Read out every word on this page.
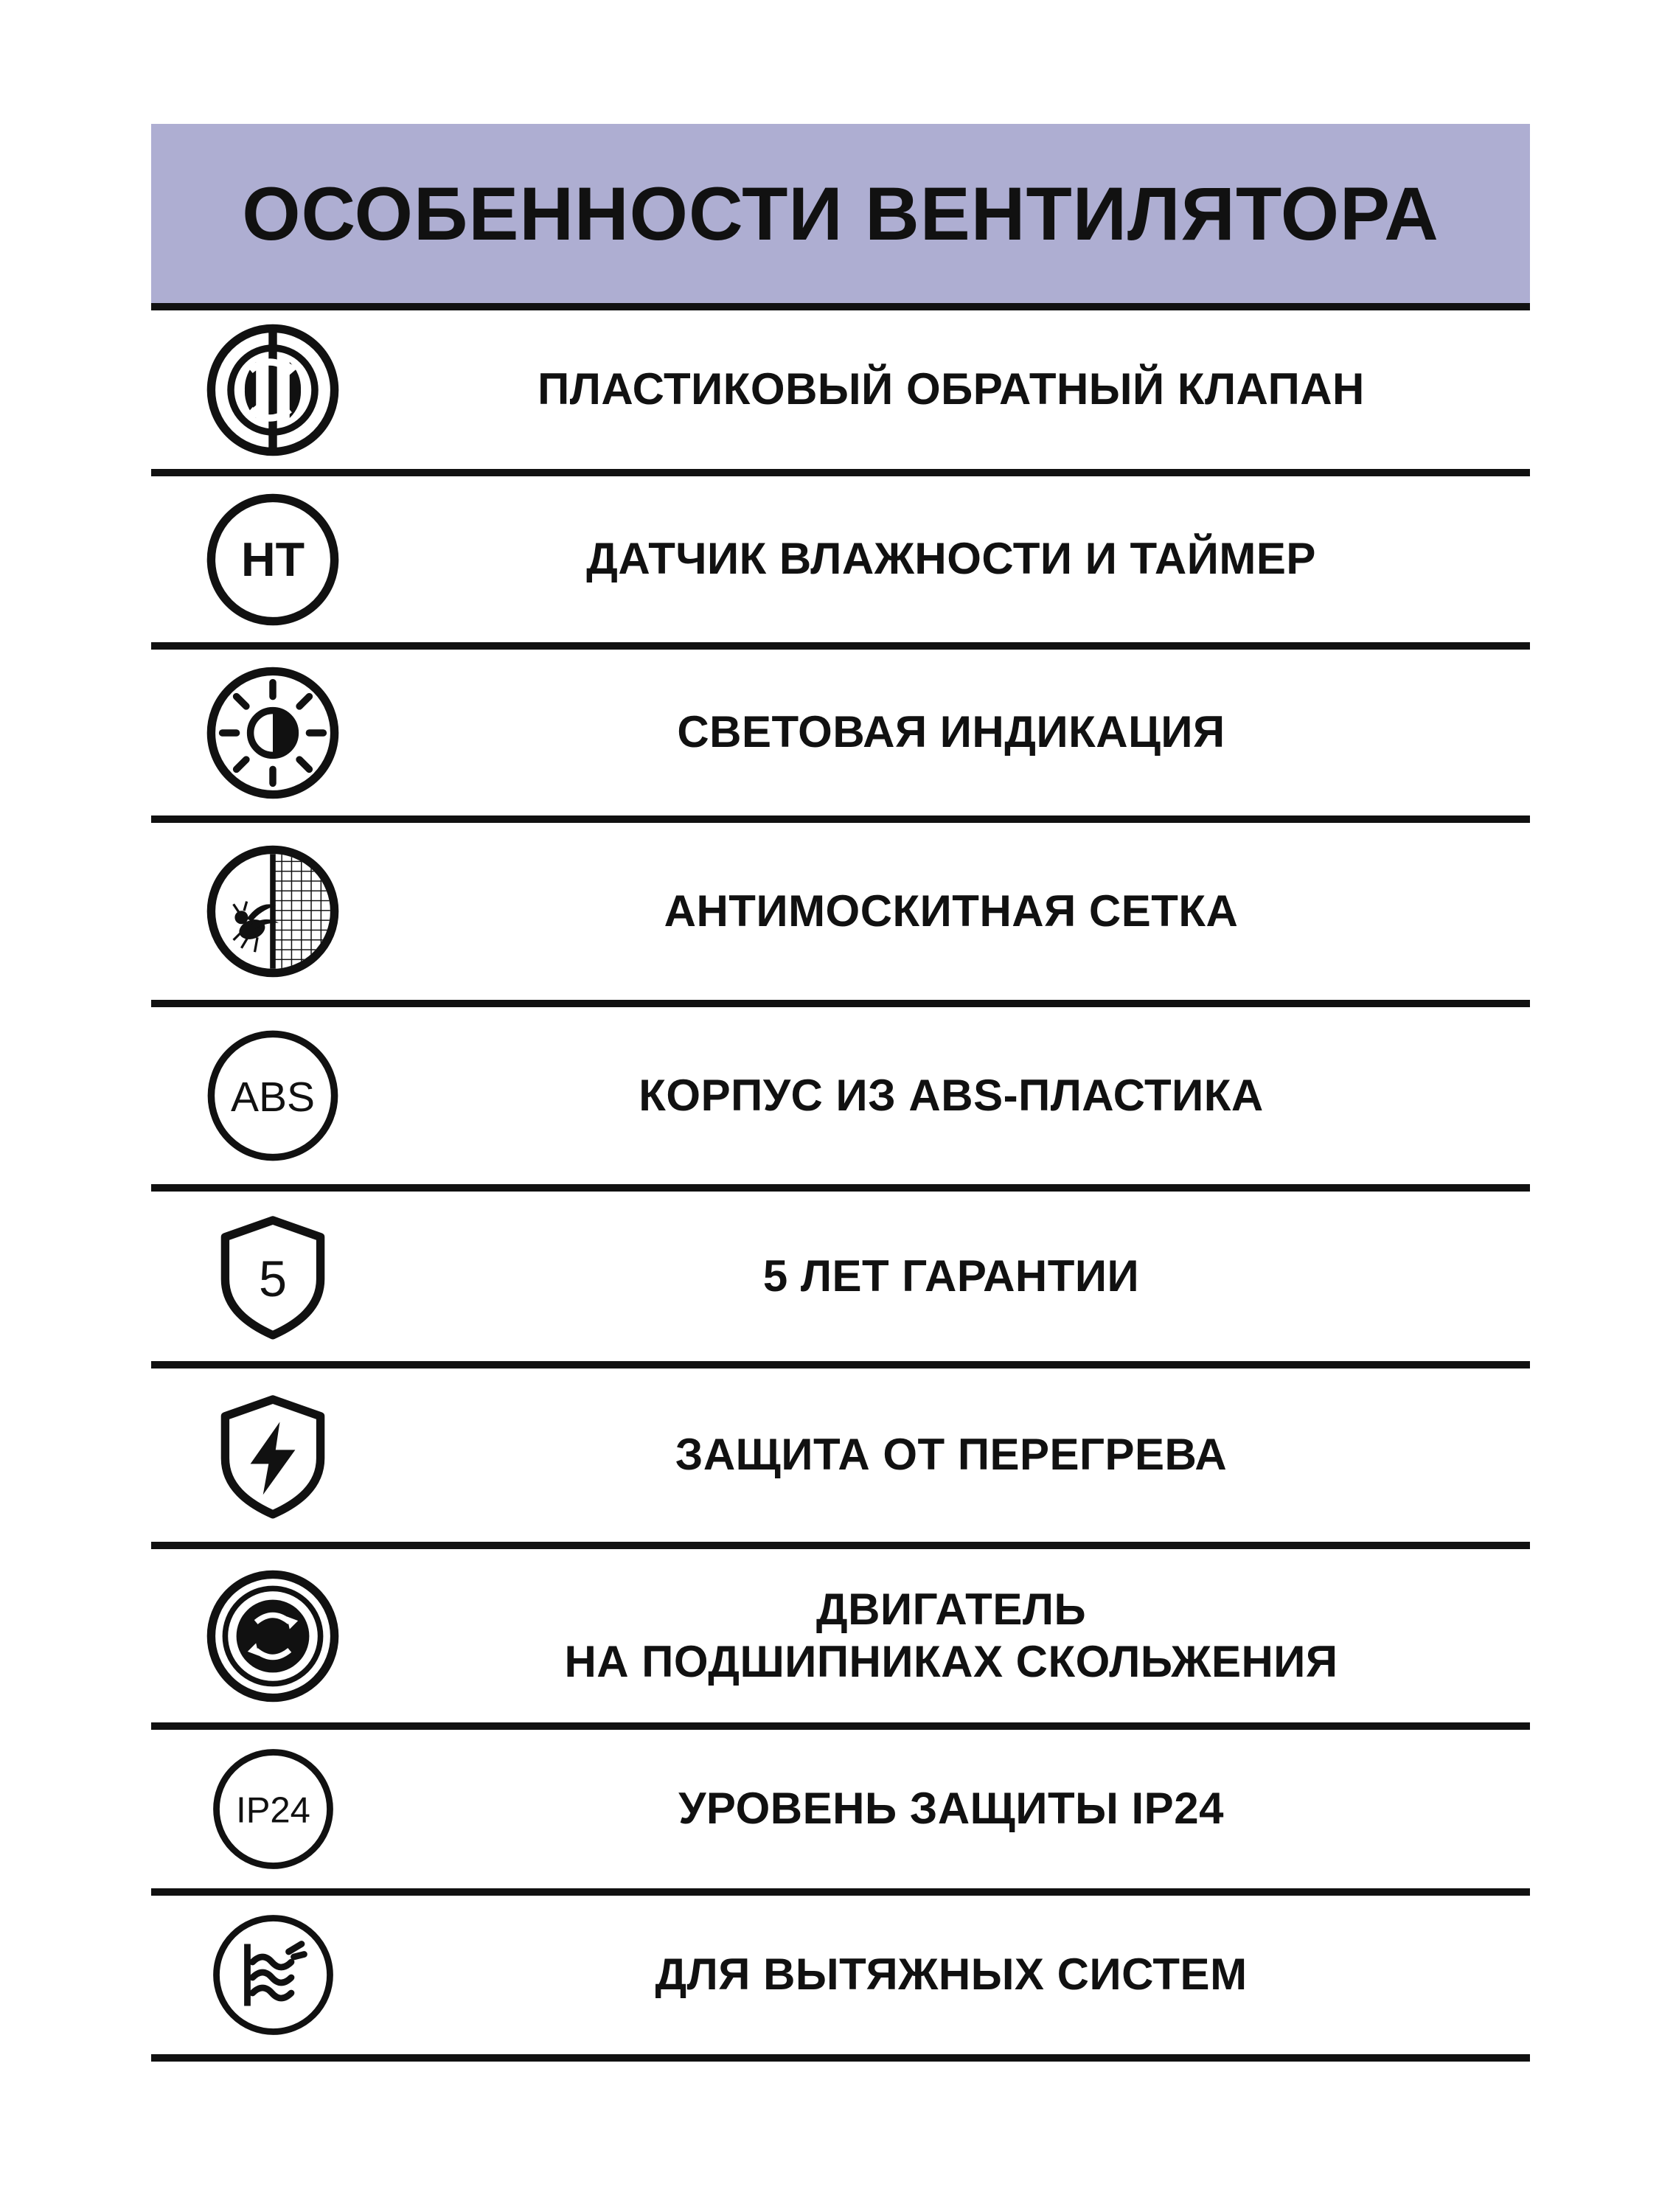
ОСОБЕННОСТИ ВЕНТИЛЯТОРА
ПЛАСТИКОВЫЙ ОБРАТНЫЙ КЛАПАН
HT	ДАТЧИК ВЛАЖНОСТИ И ТАЙМЕР
СВЕТОВАЯ ИНДИКАЦИЯ
АНТИМОСКИТНАЯ СЕТКА
ABS	КОРПУС ИЗ ABS-ПЛАСТИКА
5	5 ЛЕТ ГАРАНТИИ
ЗАЩИТА ОТ ПЕРЕГРЕВА
ДВИГАТЕЛЬ
НА ПОДШИПНИКАХ СКОЛЬЖЕНИЯ
IP24	УРОВЕНЬ ЗАЩИТЫ IP24
ДЛЯ ВЫТЯЖНЫХ СИСТЕМ
